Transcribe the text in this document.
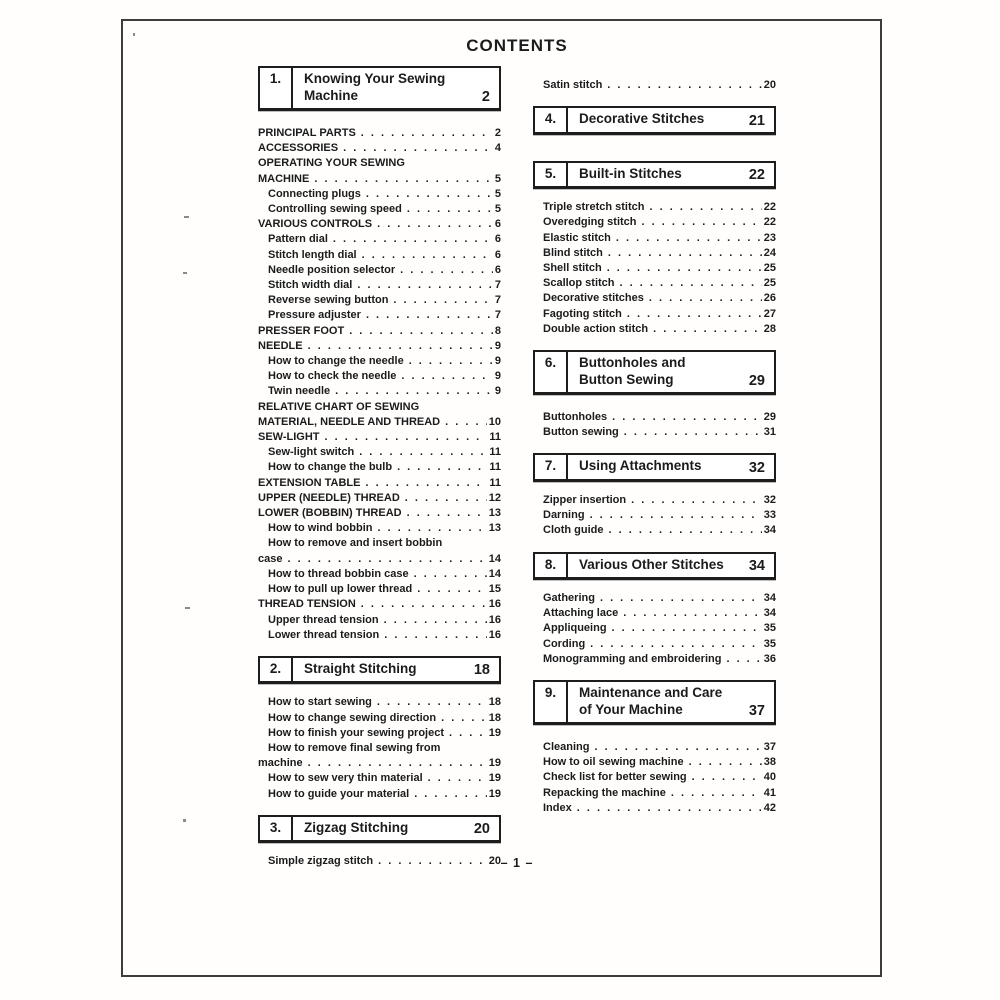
CONTENTS
1.	Knowing Your Sewing
Machine	2
PRINCIPAL PARTS . . .	2
ACCESSORIES . . .	4
OPERATING YOUR SEWING
MACHINE . . .	5
Connecting plugs . . .	5
Controlling sewing speed . . .	5
VARIOUS CONTROLS . . .	6
Pattern dial . . .	6
Stitch length dial . . .	6
Needle position selector . . .	6
Stitch width dial . . .	7
Reverse sewing button . . .	7
Pressure adjuster . . .	7
PRESSER FOOT . . .	8
NEEDLE . . .	9
How to change the needle . . .	9
How to check the needle . . .	9
Twin needle . . .	9
RELATIVE CHART OF SEWING
MATERIAL, NEEDLE AND THREAD . . .	10
SEW-LIGHT . . .	11
Sew-light switch . . .	11
How to change the bulb . . .	11
EXTENSION TABLE . . .	11
UPPER (NEEDLE) THREAD . . .	12
LOWER (BOBBIN) THREAD . . .	13
How to wind bobbin . . .	13
How to remove and insert bobbin
case . . .	14
How to thread bobbin case . . .	14
How to pull up lower thread . . .	15
THREAD TENSION . . .	16
Upper thread tension . . .	16
Lower thread tension . . .	16
2.	Straight Stitching	18
How to start sewing . . .	18
How to change sewing direction . . .	18
How to finish your sewing project . . .	19
How to remove final sewing from
machine . . .	19
How to sew very thin material . . .	19
How to guide your material . . .	19
3.	Zigzag Stitching	20
Simple zigzag stitch . . .	20
Satin stitch . . .	20
4.	Decorative Stitches	21
5.	Built-in Stitches	22
Triple stretch stitch . . .	22
Overedging stitch . . .	22
Elastic stitch . . .	23
Blind stitch . . .	24
Shell stitch . . .	25
Scallop stitch . . .	25
Decorative stitches . . .	26
Fagoting stitch . . .	27
Double action stitch . . .	28
6.	Buttonholes and
Button Sewing	29
Buttonholes . . .	29
Button sewing . . .	31
7.	Using Attachments	32
Zipper insertion . . .	32
Darning . . .	33
Cloth guide . . .	34
8.	Various Other Stitches	34
Gathering . . .	34
Attaching lace . . .	34
Appliqueing . . .	35
Cording . . .	35
Monogramming and embroidering . . .	36
9.	Maintenance and Care
of Your Machine	37
Cleaning . . .	37
How to oil sewing machine . . .	38
Check list for better sewing . . .	40
Repacking the machine . . .	41
Index . . .	42
– 1 –
